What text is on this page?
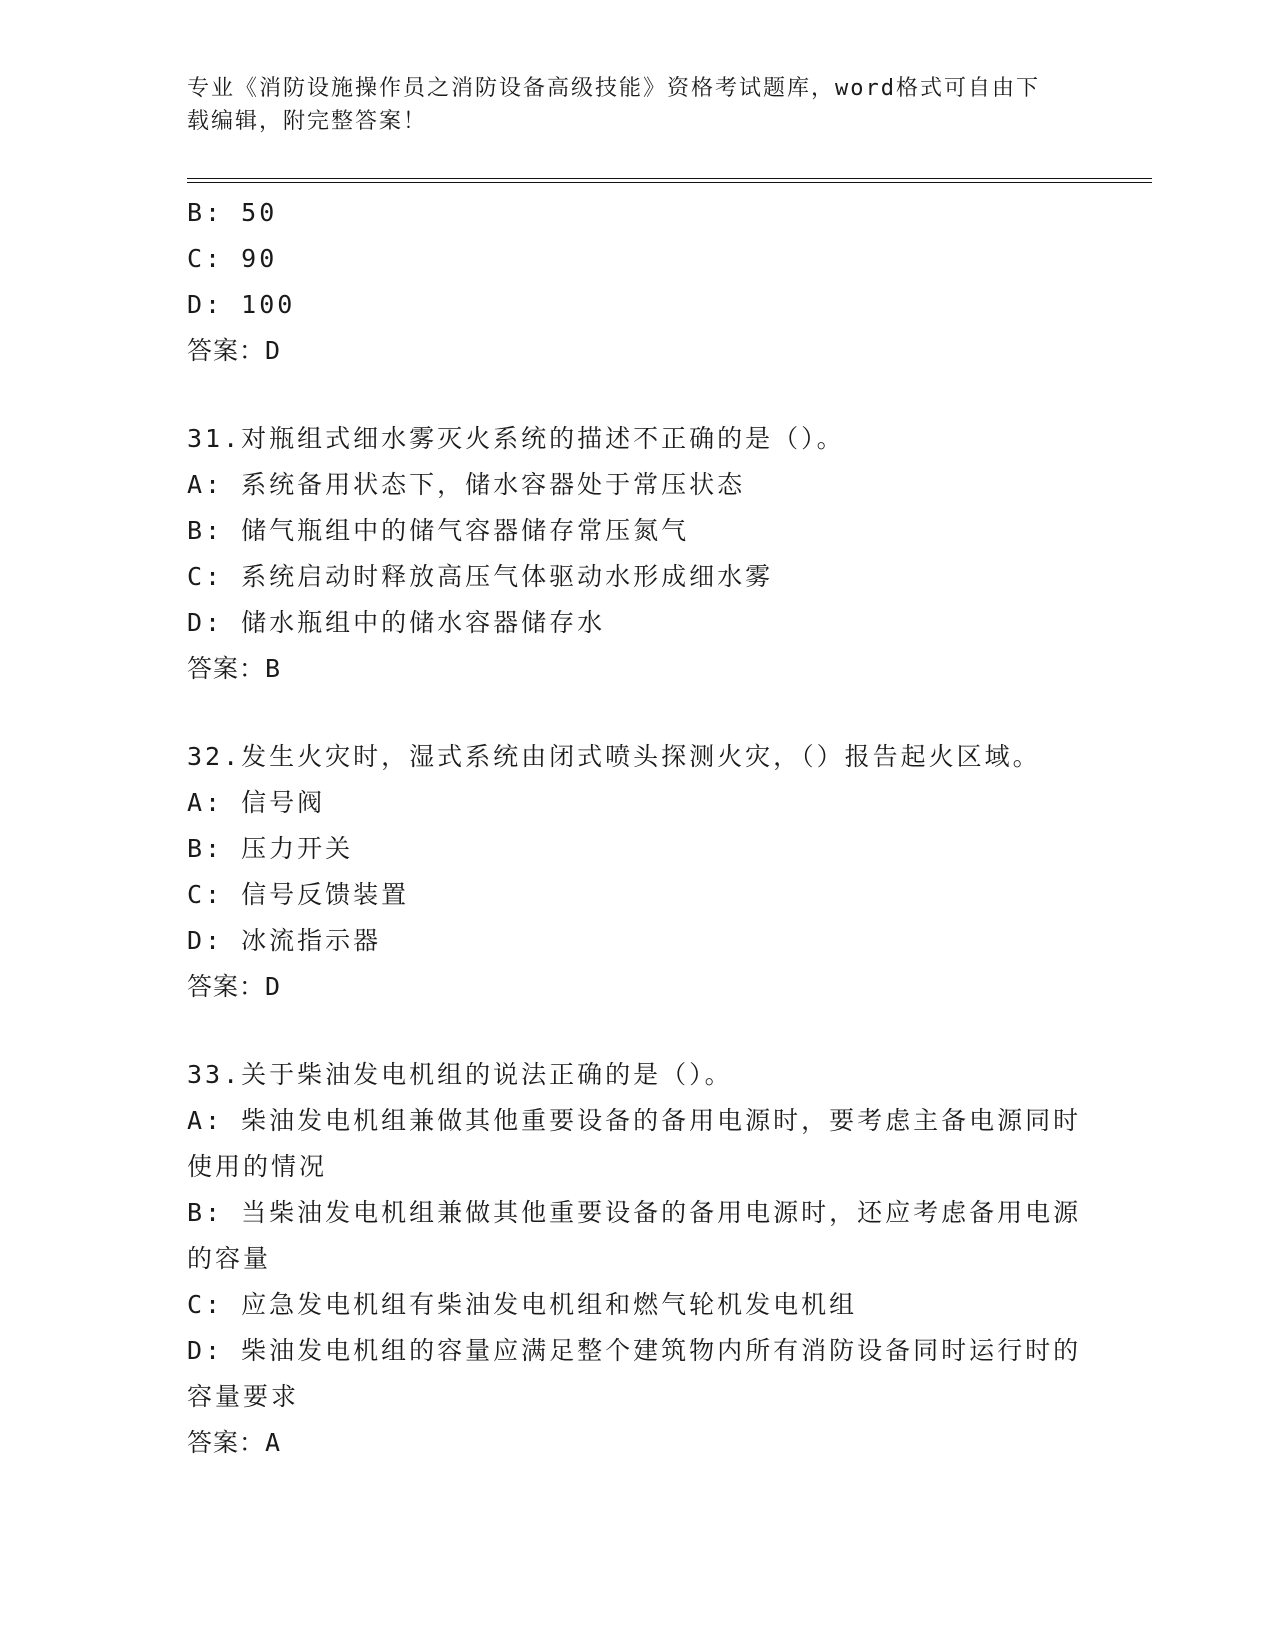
专业《消防设施操作员之消防设备高级技能》资格考试题库，word格式可自由下
载编辑，附完整答案！
B: 50
C: 90
D: 100
答案：D
31.对瓶组式细水雾灭火系统的描述不正确的是（）。
A: 系统备用状态下，储水容器处于常压状态
B: 储气瓶组中的储气容器储存常压氮气
C: 系统启动时释放高压气体驱动水形成细水雾
D: 储水瓶组中的储水容器储存水
答案：B
32.发生火灾时，湿式系统由闭式喷头探测火灾，（）报告起火区域。
A: 信号阀
B: 压力开关
C: 信号反馈装置
D: 冰流指示器
答案：D
33.关于柴油发电机组的说法正确的是（）。
A: 柴油发电机组兼做其他重要设备的备用电源时，要考虑主备电源同时使用的情况
B: 当柴油发电机组兼做其他重要设备的备用电源时，还应考虑备用电源的容量
C: 应急发电机组有柴油发电机组和燃气轮机发电机组
D: 柴油发电机组的容量应满足整个建筑物内所有消防设备同时运行时的容量要求
答案：A
